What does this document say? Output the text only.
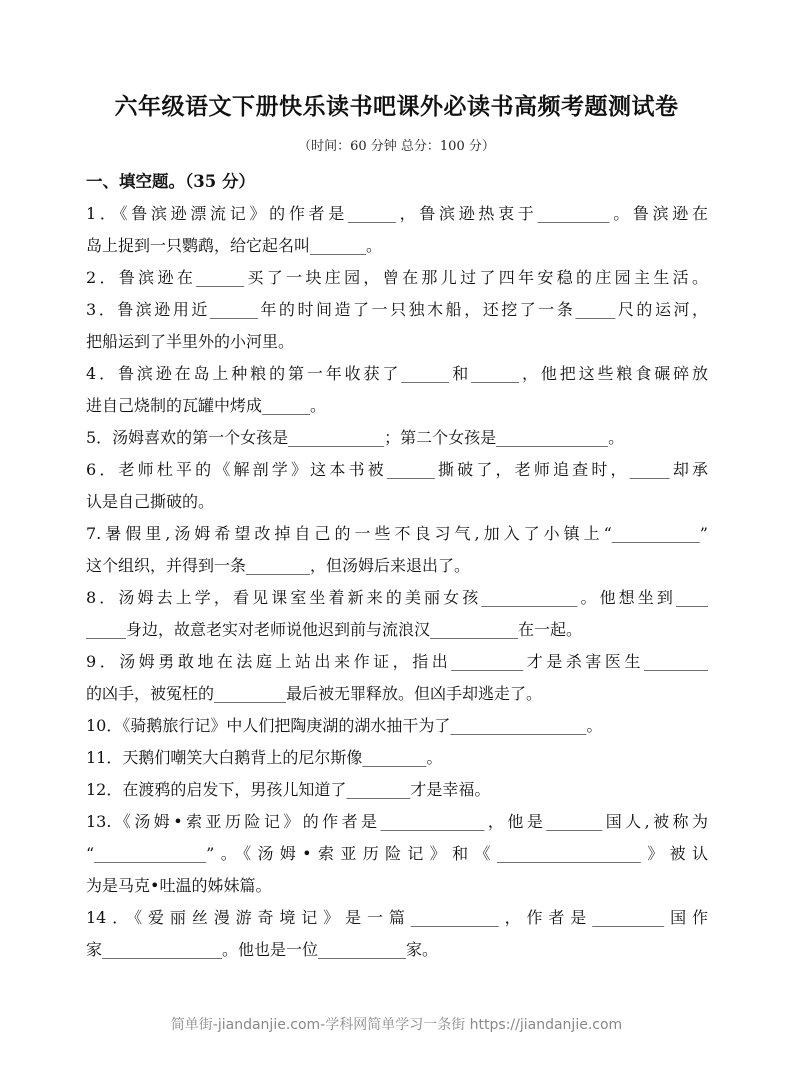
六年级语文下册快乐读书吧课外必读书高频考题测试卷
（时间：60 分钟 总分：100 分）
一、填空题。（35 分）
1．《鲁滨逊漂流记》的作者是______，鲁滨逊热衷于_________。鲁滨逊在
岛上捉到一只鹦鹉，给它起名叫_______。
2．鲁滨逊在______买了一块庄园，曾在那儿过了四年安稳的庄园主生活。
3．鲁滨逊用近______年的时间造了一只独木船，还挖了一条_____尺的运河，
把船运到了半里外的小河里。
4．鲁滨逊在岛上种粮的第一年收获了______和______，他把这些粮食碾碎放
进自己烧制的瓦罐中烤成______。
5．汤姆喜欢的第一个女孩是____________；第二个女孩是______________。
6．老师杜平的《解剖学》这本书被______撕破了，老师追查时，_____却承
认是自己撕破的。
7.暑假里,汤姆希望改掉自己的一些不良习气,加入了小镇上“___________”
这个组织，并得到一条________，但汤姆后来退出了。
8．汤姆去上学，看见课室坐着新来的美丽女孩____________。他想坐到____
_____身边，故意老实对老师说他迟到前与流浪汉___________在一起。
9．汤姆勇敢地在法庭上站出来作证，指出_________才是杀害医生________
的凶手，被冤枉的_________最后被无罪释放。但凶手却逃走了。
10．《骑鹅旅行记》中人们把陶庚湖的湖水抽干为了_________________。
11．天鹅们嘲笑大白鹅背上的尼尔斯像________。
12．在渡鸦的启发下，男孩儿知道了________才是幸福。
13.《汤姆•索亚历险记》的作者是_____________，他是_______国人,被称为
“______________”。《汤姆•索亚历险记》和《__________________》被认
为是马克•吐温的姊妹篇。
14．《爱丽丝漫游奇境记》是一篇___________，作者是_________国作
家_______________。他也是一位___________家。
简单街-jiandanjie.com-学科网简单学习一条街 https://jiandanjie.com
